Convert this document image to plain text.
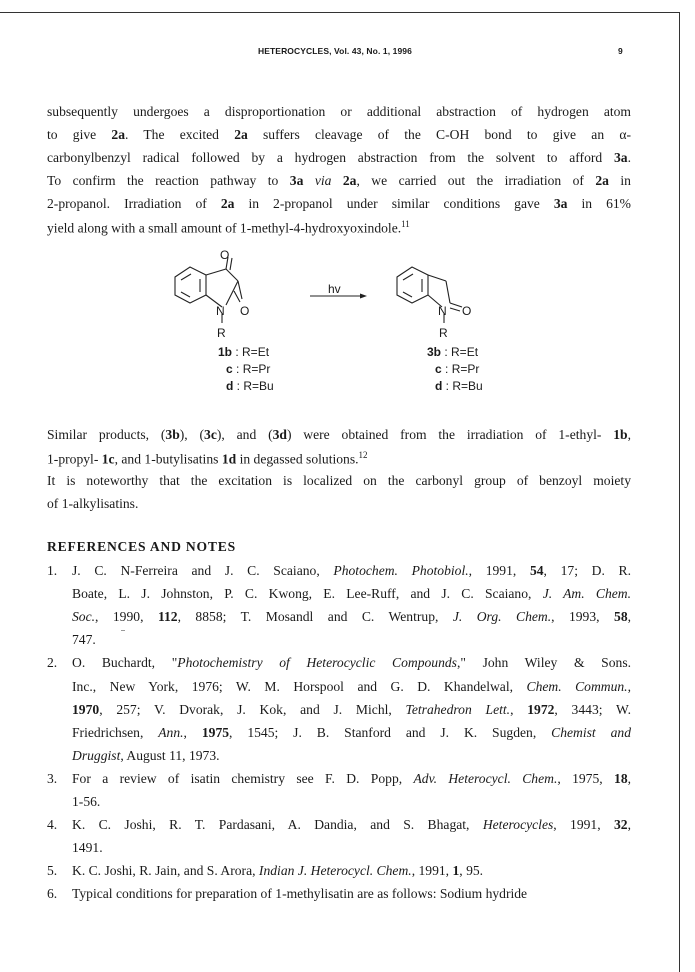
HETEROCYCLES, Vol. 43, No. 1, 1996	9
subsequently undergoes a disproportionation or additional abstraction of hydrogen atom
to give 2a. The excited 2a suffers cleavage of the C-OH bond to give an α-
carbonylbenzyl radical followed by a hydrogen abstraction from the solvent to afford 3a.
To confirm the reaction pathway to 3a via 2a, we carried out the irradiation of 2a in
2-propanol. Irradiation of 2a in 2-propanol under similar conditions gave 3a in 61%
yield along with a small amount of 1-methyl-4-hydroxyoxindole.$^{11}$
O
N O
R
hv
N O
R
1b : R=Et
c : R=Pr
d : R=Bu
3b : R=Et
c : R=Pr
d : R=Bu
Similar products, (3b), (3c), and (3d) were obtained from the irradiation of 1-ethyl- 1b,
1-propyl- 1c, and 1-butylisatins 1d in degassed solutions.$^{12}$
It is noteworthy that the excitation is localized on the carbonyl group of benzoyl moiety
of 1-alkylisatins.
REFERENCES AND NOTES
1. J. C. N-Ferreira and J. C. Scaiano, Photochem. Photobiol., 1991, 54, 17; D. R.
Boate, L. J. Johnston, P. C. Kwong, E. Lee-Ruff, and J. C. Scaiano, J. Am. Chem.
Soc., 1990, 112, 8858; T. Mosandl and C. Wentrup, J. Org. Chem., 1993, 58,
747.
2. O. Buchardt, "Photochemistry of Heterocyclic Compounds," John Wiley & Sons.
Inc., New York, 1976; W. M. Horspool and G. D. Khandelwal, Chem. Commun.,
1970, 257; V. Dvorak, J. Kok, and J. Michl, Tetrahedron Lett., 1972, 3443; W.
Friedrichsen, Ann., 1975, 1545; J. B. Stanford and J. K. Sugden, Chemist and
Druggist, August 11, 1973.
3. For a review of isatin chemistry see F. D. Popp, Adv. Heterocycl. Chem., 1975, 18,
1-56.
4. K. C. Joshi, R. T. Pardasani, A. Dandia, and S. Bhagat, Heterocycles, 1991, 32,
1491.
5. K. C. Joshi, R. Jain, and S. Arora, Indian J. Heterocycl. Chem., 1991, 1, 95.
6. Typical conditions for preparation of 1-methylisatin are as follows: Sodium hydride
